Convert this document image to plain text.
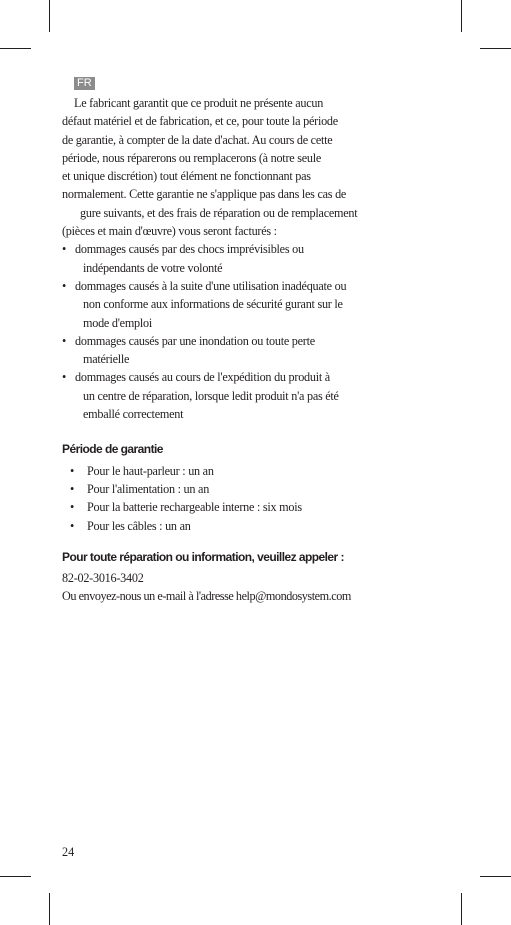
FR

Le fabricant garantit que ce produit ne présente aucun

défaut matériel et de fabrication, et ce, pour toute la période

de garantie, à compter de la date d'achat. Au cours de cette

période, nous réparerons ou remplacerons (à notre seule

et unique discrétion) tout élément ne fonctionnant pas

normalement. Cette garantie ne s'applique pas dans les cas de

gure suivants, et des frais de réparation ou de remplacement

(pièces et main d'œuvre) vous seront facturés :

• dommages causés par des chocs imprévisibles ou
indépendants de votre volonté
• dommages causés à la suite d'une utilisation inadéquate ou
non conforme aux informations de sécurité gurant sur le
mode d'emploi
• dommages causés par une inondation ou toute perte
matérielle
• dommages causés au cours de l'expédition du produit à
un centre de réparation, lorsque ledit produit n'a pas été
emballé correctement
Période de garantie
• Pour le haut-parleur : un an
• Pour l'alimentation : un an
• Pour la batterie rechargeable interne : six mois
• Pour les câbles : un an
Pour toute réparation ou information, veuillez appeler :

82-02-3016-3402

Ou envoyez-nous un e-mail à l'adresse help@mondosystem.com

24
